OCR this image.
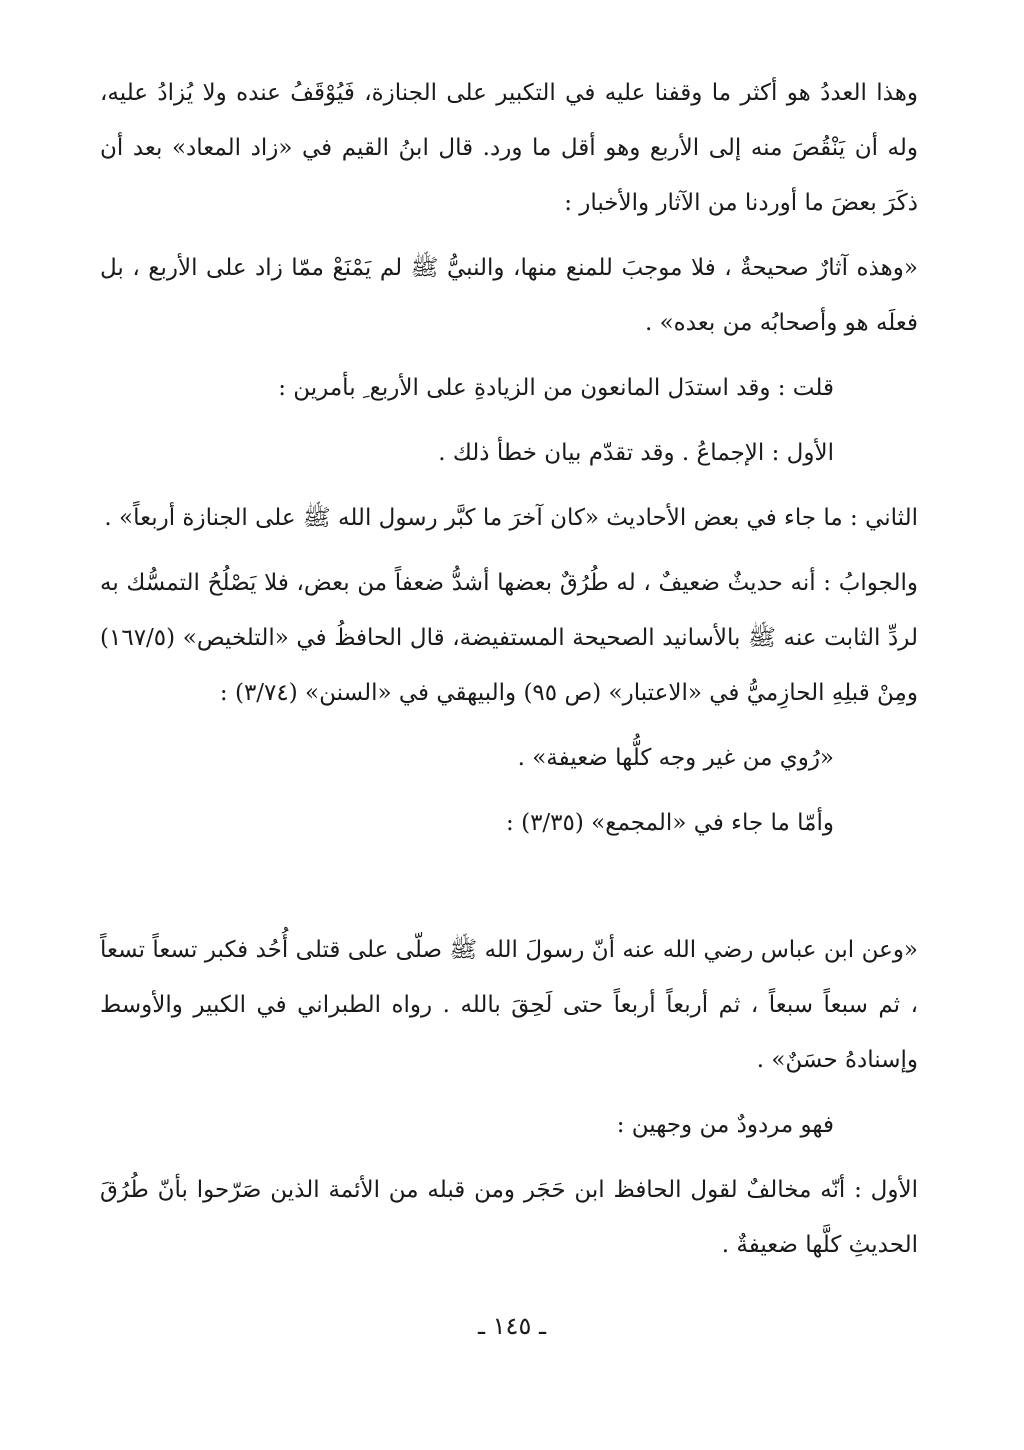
وهذا العددُ هو أكثر ما وقفنا عليه في التكبير على الجنازة، فَيُوْقَفُ عنده ولا يُزادُ عليه، وله أن يَنْقُصَ منه إلى الأربع وهو أقل ما ورد. قال ابنُ القيم في «زاد المعاد» بعد أن ذكَرَ بعضَ ما أوردنا من الآثار والأخبار :

«وهذه آثارٌ صحيحةٌ ، فلا موجبَ للمنع منها، والنبيُّ ﷺ لم يَمْنَعْ ممّا زاد على الأربع ، بل فعلَه هو وأصحابُه من بعده» .

قلت : وقد استدَل المانعون من الزيادةِ على الأربع ِ بأمرين :

الأول : الإجماعُ . وقد تقدّم بيان خطأ ذلك .

الثاني : ما جاء في بعض الأحاديث «كان آخرَ ما كبَّر رسول الله ﷺ على الجنازة أربعاً» .

والجوابُ : أنه حديثٌ ضعيفٌ ، له طُرُقٌ بعضها أشدُّ ضعفاً من بعض، فلا يَصْلُحُ التمسُّك به لردِّ الثابت عنه ﷺ بالأسانيد الصحيحة المستفيضة، قال الحافظُ في «التلخيص» (١٦٧/٥) ومِنْ قبلِهِ الحازِميُّ في «الاعتبار» (ص ٩٥) والبيهقي في «السنن» (٣/٧٤) :

«رُوي من غير وجه كلُّها ضعيفة» .

وأمّا ما جاء في «المجمع» (٣/٣٥) :

«وعن ابن عباس رضي الله عنه أنّ رسولَ الله ﷺ صلّى على قتلى أُحُد فكبر تسعاً تسعاً ، ثم سبعاً سبعاً ، ثم أربعاً أربعاً حتى لَحِقَ بالله . رواه الطبراني في الكبير والأوسط وإسنادهُ حسَنٌ» .

فهو مردودٌ من وجهين :

الأول : أنّه مخالفٌ لقول الحافظ ابن حَجَر ومن قبله من الأئمة الذين صَرّحوا بأنّ طُرُقَ الحديثِ كلَّها ضعيفةٌ .

ـ ١٤٥ ـ
